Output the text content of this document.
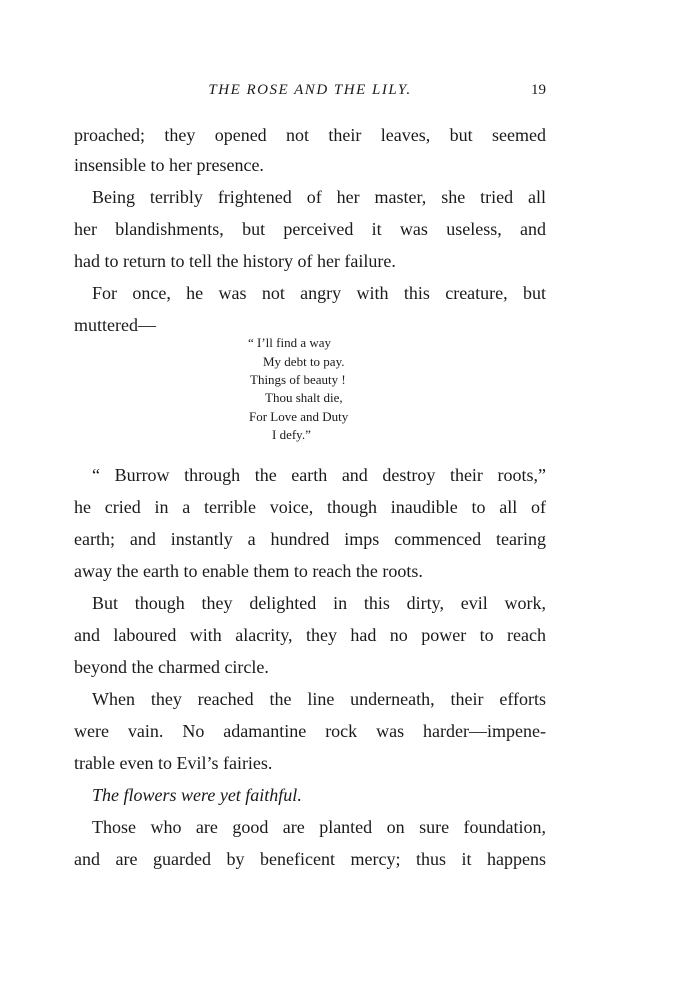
THE ROSE AND THE LILY.	19
proached; they opened not their leaves, but seemed
insensible to her presence.
Being terribly frightened of her master, she tried all
her blandishments, but perceived it was useless, and
had to return to tell the history of her failure.
For once, he was not angry with this creature, but
muttered—
“ I’ll find a way
My debt to pay.
Things of beauty !
Thou shalt die,
For Love and Duty
I defy.”
“ Burrow through the earth and destroy their roots,”
he cried in a terrible voice, though inaudible to all of
earth; and instantly a hundred imps commenced tearing
away the earth to enable them to reach the roots.
But though they delighted in this dirty, evil work,
and laboured with alacrity, they had no power to reach
beyond the charmed circle.
When they reached the line underneath, their efforts
were vain. No adamantine rock was harder—impene-
trable even to Evil’s fairies.
The flowers were yet faithful.
Those who are good are planted on sure foundation,
and are guarded by beneficent mercy; thus it happens
